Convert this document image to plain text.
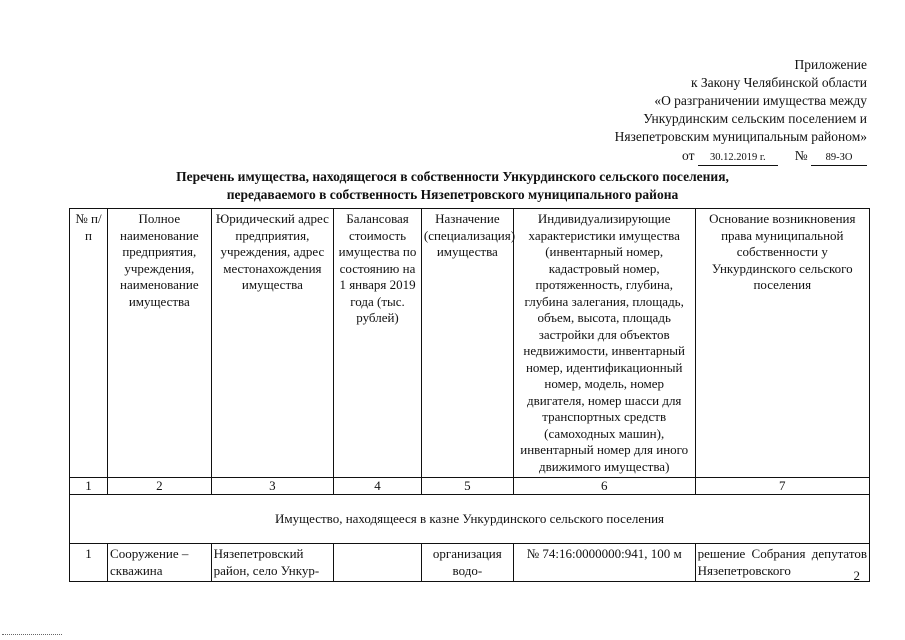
Приложение
к Закону Челябинской области
«О разграничении имущества между
Ункурдинским сельским поселением и
Нязепетровским муниципальным районом»
от 30.12.2019 г. № 89-ЗО
Перечень имущества, находящегося в собственности Ункурдинского сельского поселения,
передаваемого в собственность Нязепетровского муниципального района
№ п/п	Полное наименование предприятия, учреждения, наименование имущества	Юридический адрес предприятия, учреждения, адрес местонахождения имущества	Балансовая стоимость имущества по состоянию на 1 января 2019 года (тыс. рублей)	Назначение (специализация) имущества	Индивидуализирующие характеристики имущества (инвентарный номер, кадастровый номер, протяженность, глубина, глубина залегания, площадь, объем, высота, площадь застройки для объектов недвижимости, инвентарный номер, идентификационный номер, модель, номер двигателя, номер шасси для транспортных средств (самоходных машин), инвентарный номер для иного движимого имущества)	Основание возникновения права муниципальной собственности у Ункурдинского сельского поселения
1	2	3	4	5	6	7
Имущество, находящееся в казне Ункурдинского сельского поселения						
1	Сооружение – скважина	Нязепетровский район, село Ункур-		организация водо-	№ 74:16:0000000:941, 100 м	решение Собрания депутатов Нязепетровского	2
